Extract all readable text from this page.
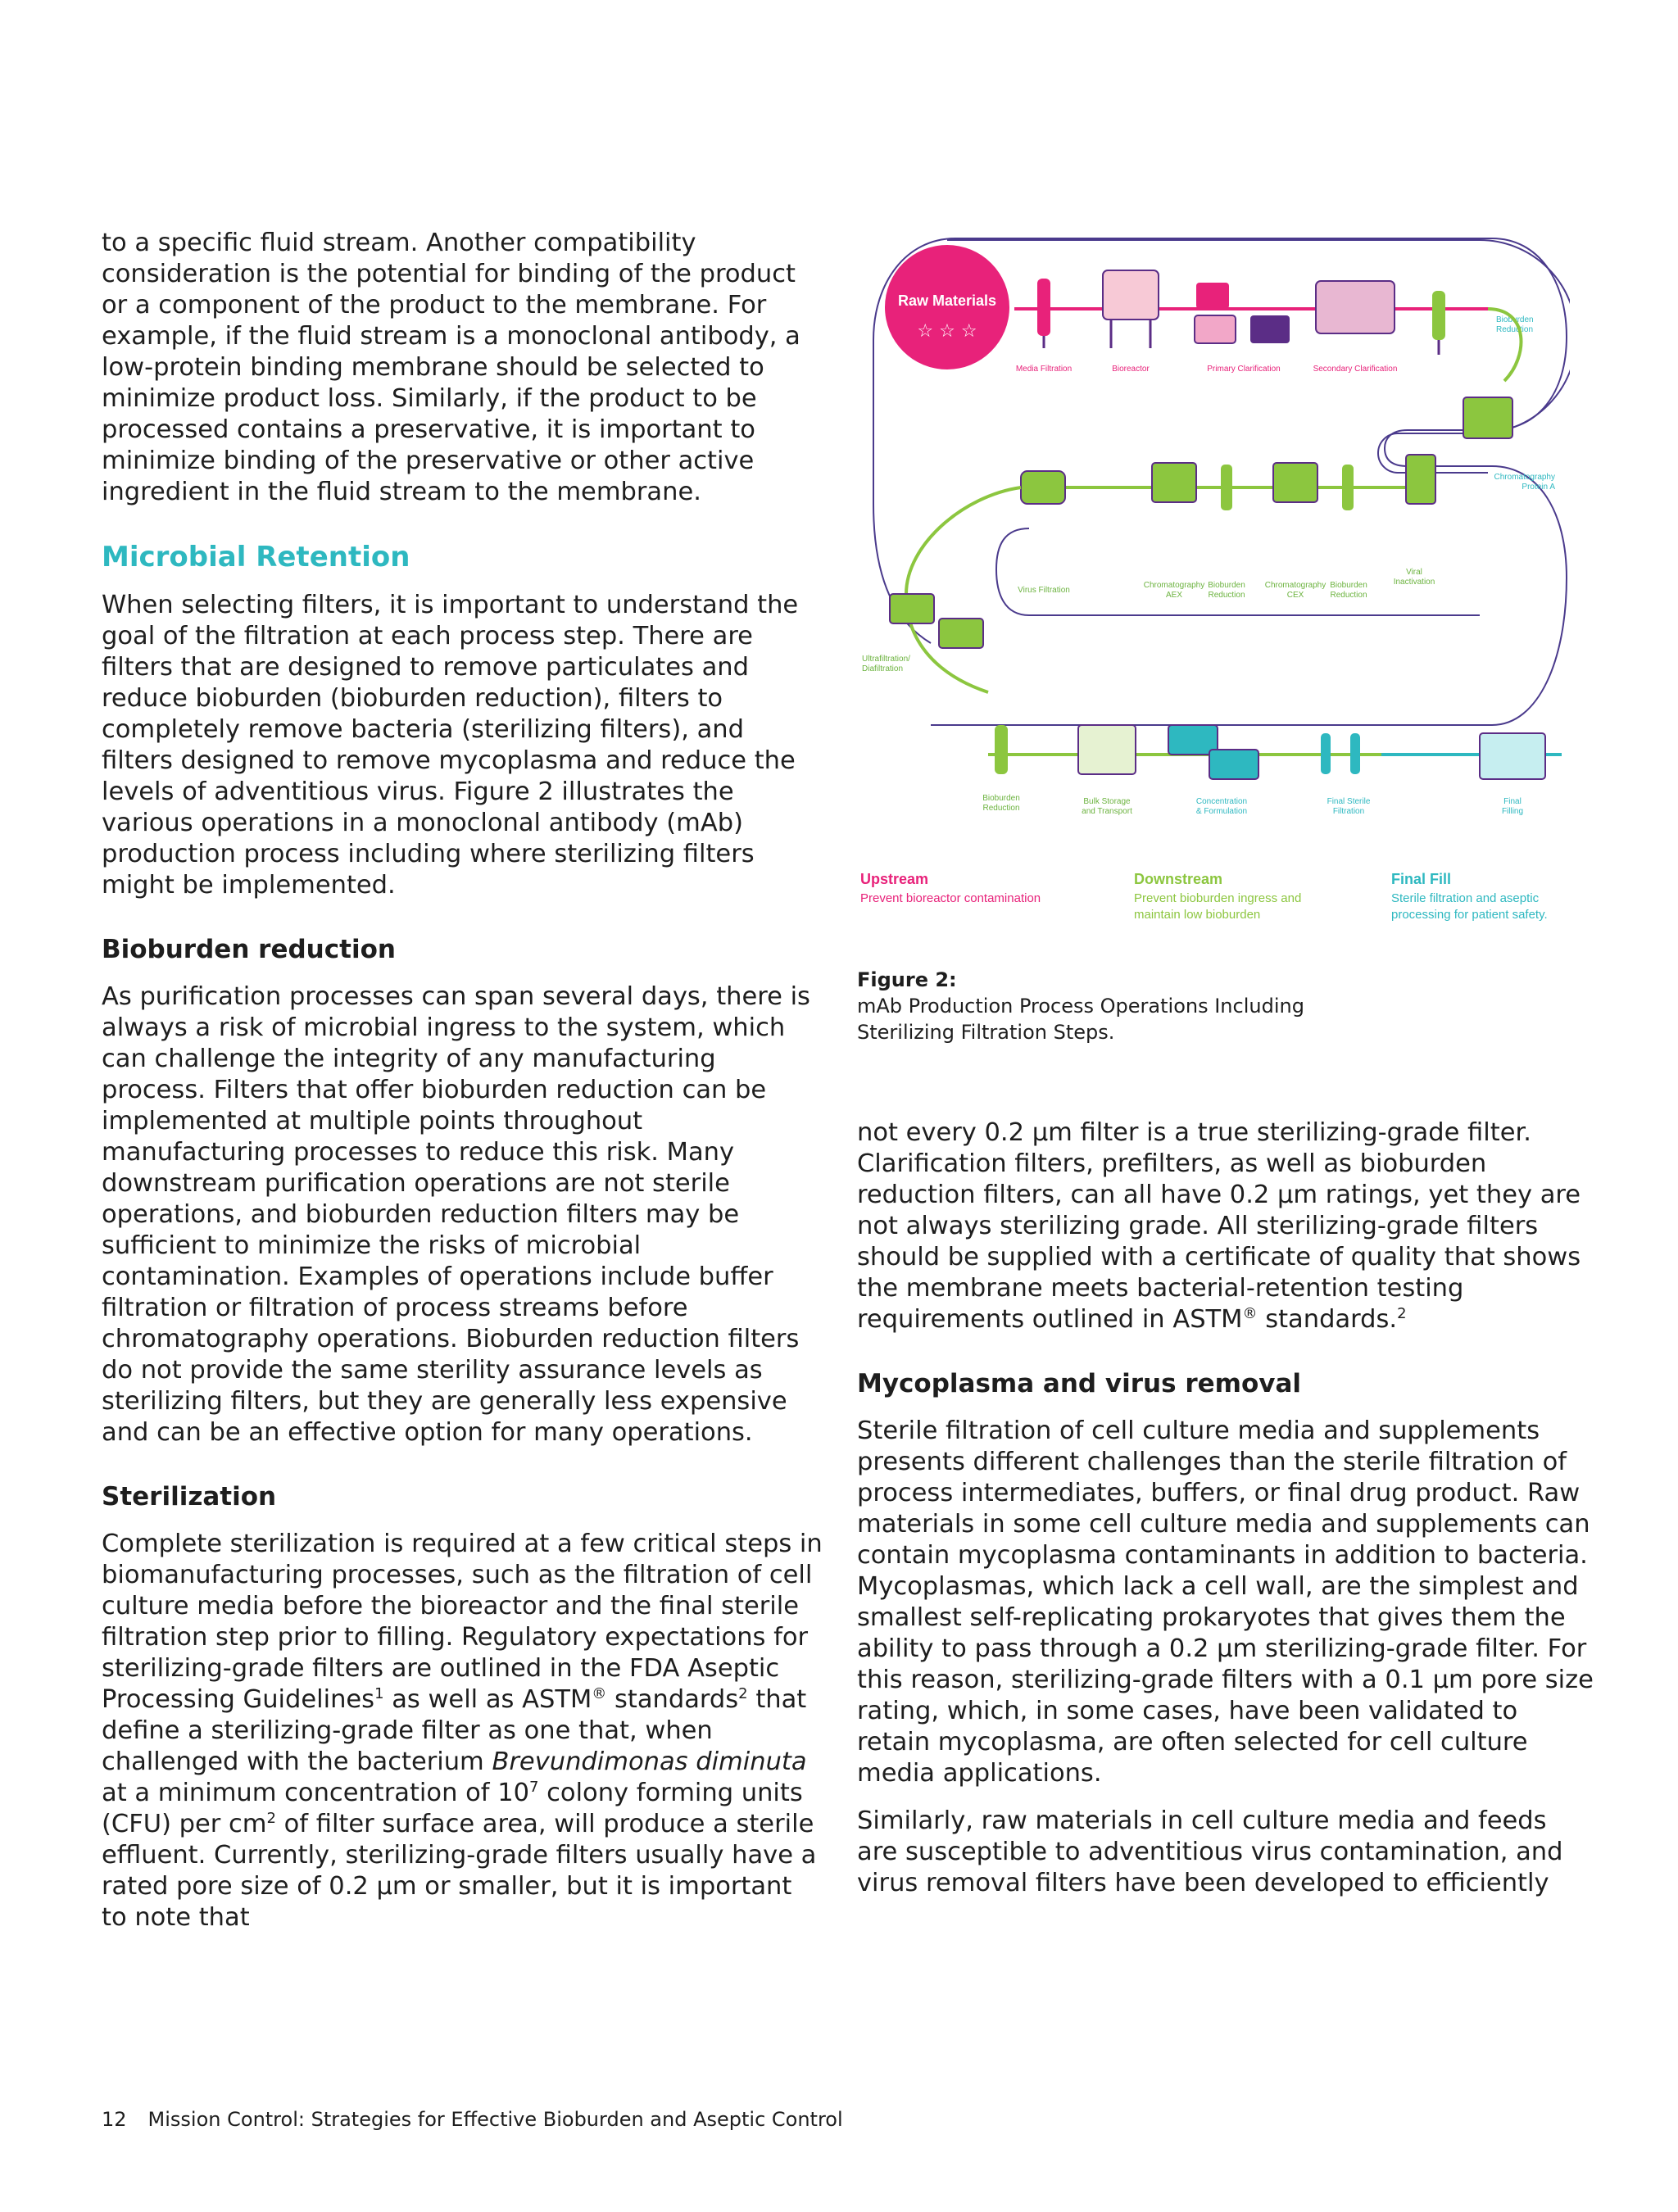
to a specific fluid stream. Another compatibility consideration is the potential for binding of the product or a component of the product to the membrane. For example, if the fluid stream is a monoclonal antibody, a low-protein binding membrane should be selected to minimize product loss. Similarly, if the product to be processed contains a preservative, it is important to minimize binding of the preservative or other active ingredient in the fluid stream to the membrane.

Microbial Retention

When selecting filters, it is important to understand the goal of the filtration at each process step. There are filters that are designed to remove particulates and reduce bioburden (bioburden reduction), filters to completely remove bacteria (sterilizing filters), and filters designed to remove mycoplasma and reduce the levels of adventitious virus. Figure 2 illustrates the various operations in a monoclonal antibody (mAb) production process including where sterilizing filters might be implemented.

Bioburden reduction

As purification processes can span several days, there is always a risk of microbial ingress to the system, which can challenge the integrity of any manufacturing process. Filters that offer bioburden reduction can be implemented at multiple points throughout manufacturing processes to reduce this risk. Many downstream purification operations are not sterile operations, and bioburden reduction filters may be sufficient to minimize the risks of microbial contamination. Examples of operations include buffer filtration or filtration of process streams before chromatography operations. Bioburden reduction filters do not provide the same sterility assurance levels as sterilizing filters, but they are generally less expensive and can be an effective option for many operations.

Sterilization

Complete sterilization is required at a few critical steps in biomanufacturing processes, such as the filtration of cell culture media before the bioreactor and the final sterile filtration step prior to filling. Regulatory expectations for sterilizing-grade filters are outlined in the FDA Aseptic Processing Guidelines$^1$ as well as ASTM® standards$^2$ that define a sterilizing-grade filter as one that, when challenged with the bacterium Brevundimonas diminuta at a minimum concentration of $10^7$ colony forming units (CFU) per $cm^2$ of filter surface area, will produce a sterile effluent. Currently, sterilizing-grade filters usually have a rated pore size of 0.2 µm or smaller, but it is important to note that

Raw Materials
☆ ☆ ☆
Media Filtration	Bioreactor	Primary Clarification	Secondary Clarification
Bioburden
Reduction
Chromatography
Protein A
Viral
Inactivation
Bioburden
Reduction
Chromatography
CEX
Bioburden
Reduction
Chromatography
AEX
Virus Filtration
Ultrafiltration/
Diafiltration
Bioburden
Reduction
Bulk Storage
and Transport
Concentration
& Formulation
Final Sterile
Filtration
Final
Filling
Upstream
Prevent bioreactor contamination
Downstream
Prevent bioburden ingress and
maintain low bioburden
Final Fill
Sterile filtration and aseptic
processing for patient safety.
Figure 2:
mAb Production Process Operations Including Sterilizing Filtration Steps.

not every 0.2 µm filter is a true sterilizing-grade filter. Clarification filters, prefilters, as well as bioburden reduction filters, can all have 0.2 µm ratings, yet they are not always sterilizing grade. All sterilizing-grade filters should be supplied with a certificate of quality that shows the membrane meets bacterial-retention testing requirements outlined in ASTM® standards.$^2$

Mycoplasma and virus removal

Sterile filtration of cell culture media and supplements presents different challenges than the sterile filtration of process intermediates, buffers, or final drug product. Raw materials in some cell culture media and supplements can contain mycoplasma contaminants in addition to bacteria. Mycoplasmas, which lack a cell wall, are the simplest and smallest self-replicating prokaryotes that gives them the ability to pass through a 0.2 µm sterilizing-grade filter. For this reason, sterilizing-grade filters with a 0.1 µm pore size rating, which, in some cases, have been validated to retain mycoplasma, are often selected for cell culture media applications.

Similarly, raw materials in cell culture media and feeds are susceptible to adventitious virus contamination, and virus removal filters have been developed to efficiently

12 Mission Control: Strategies for Effective Bioburden and Aseptic Control
